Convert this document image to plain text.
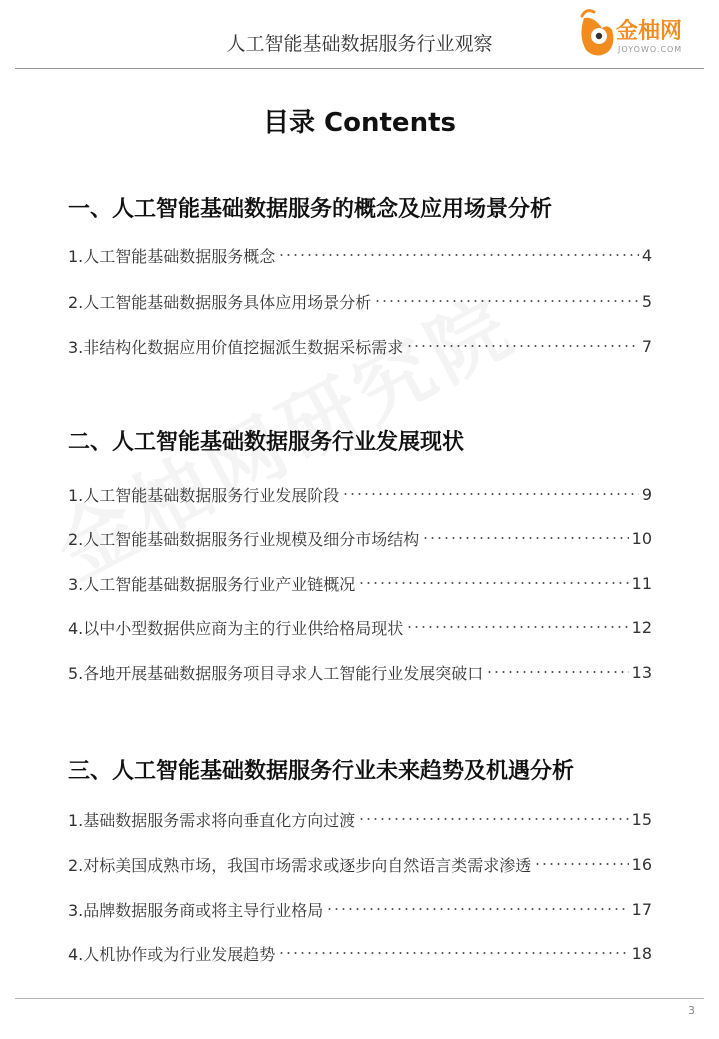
人工智能基础数据服务行业观察	金柚网
JOYOWO.COM
目录 Contents
一、人工智能基础数据服务的概念及应用场景分析
1.人工智能基础数据服务概念	4
2.人工智能基础数据服务具体应用场景分析	5
3.非结构化数据应用价值挖掘派生数据采标需求	7
二、人工智能基础数据服务行业发展现状
1.人工智能基础数据服务行业发展阶段	9
2.人工智能基础数据服务行业规模及细分市场结构	10
3.人工智能基础数据服务行业产业链概况	11
4.以中小型数据供应商为主的行业供给格局现状	12
5.各地开展基础数据服务项目寻求人工智能行业发展突破口	13
三、人工智能基础数据服务行业未来趋势及机遇分析
1.基础数据服务需求将向垂直化方向过渡	15
2.对标美国成熟市场，我国市场需求或逐步向自然语言类需求渗透	16
3.品牌数据服务商或将主导行业格局	17
4.人机协作或为行业发展趋势	18
3
